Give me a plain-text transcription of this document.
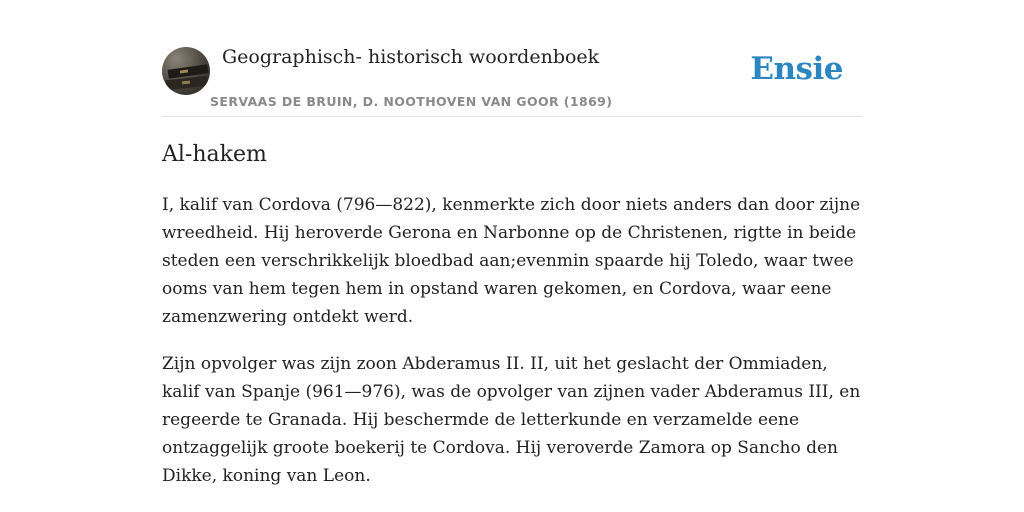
Geographisch- historisch woordenboek
SERVAAS DE BRUIN, D. NOOTHOVEN VAN GOOR (1869)
Ensie
Al-hakem

I, kalif van Cordova (796—822), kenmerkte zich door niets anders dan door zijne wreedheid. Hij heroverde Gerona en Narbonne op de Christenen, rigtte in beide steden een verschrikkelijk bloedbad aan;evenmin spaarde hij Toledo, waar twee ooms van hem tegen hem in opstand waren gekomen, en Cordova, waar eene zamenzwering ontdekt werd.

Zijn opvolger was zijn zoon Abderamus II. II, uit het geslacht der Ommiaden, kalif van Spanje (961—976), was de opvolger van zijnen vader Abderamus III, en regeerde te Granada. Hij beschermde de letterkunde en verzamelde eene ontzaggelijk groote boekerij te Cordova. Hij veroverde Zamora op Sancho den Dikke, koning van Leon.
